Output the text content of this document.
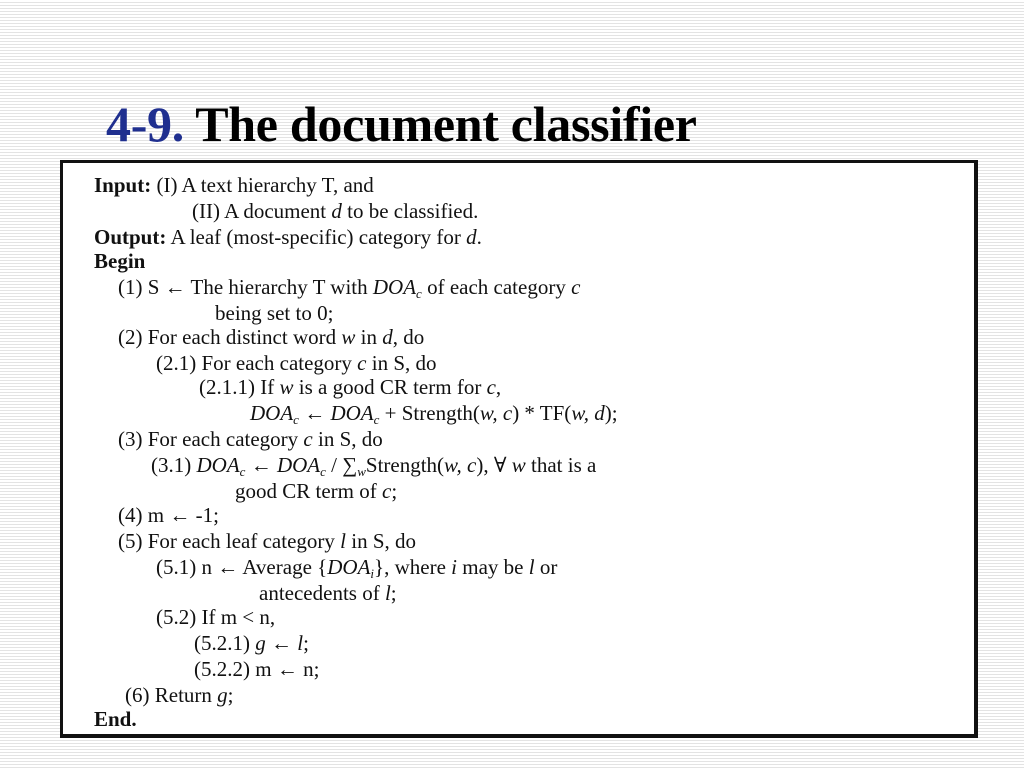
4-9. The document classifier
Input: (I) A text hierarchy T, and
(II) A document d to be classified.
Output: A leaf (most-specific) category for d.
Begin
(1) S ← The hierarchy T with $DOA_c$ of each category c
being set to 0;
(2) For each distinct word w in d, do
(2.1) For each category c in S, do
(2.1.1) If w is a good CR term for c,
$DOA_c$ ← $DOA_c$ + Strength(w, c) * TF(w, d);
(3) For each category c in S, do
(3.1) $DOA_c$ ← $DOA_c$ / $\sum_wStrength(w$, c), ∀ w that is a
good CR term of c;
(4) m ← -1;
(5) For each leaf category l in S, do
(5.1) n ← Average $\{DOA_i\}$, where i may be l or
antecedents of l;
(5.2) If m < n,
(5.2.1) g ← l;
(5.2.2) m ← n;
(6) Return g;
End.
